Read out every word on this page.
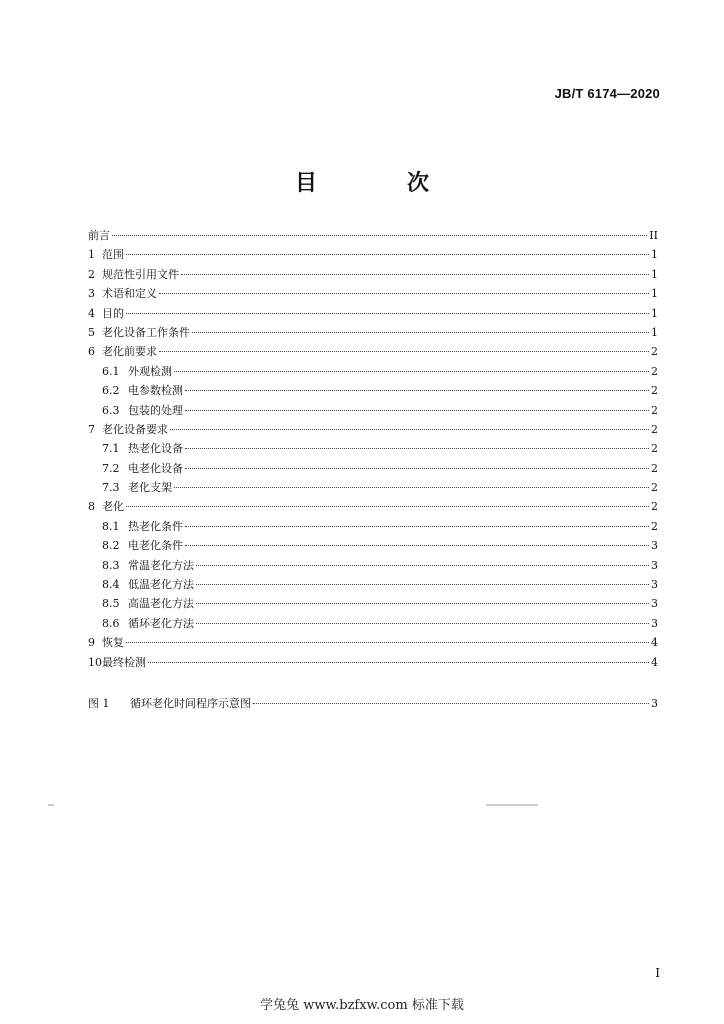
JB/T 6174—2020
目　次
前言	II
1 范围	1
2 规范性引用文件	1
3 术语和定义	1
4 目的	1
5 老化设备工作条件	1
6 老化前要求	2
6.1 外观检测	2
6.2 电参数检测	2
6.3 包装的处理	2
7 老化设备要求	2
7.1 热老化设备	2
7.2 电老化设备	2
7.3 老化支架	2
8 老化	2
8.1 热老化条件	2
8.2 电老化条件	3
8.3 常温老化方法	3
8.4 低温老化方法	3
8.5 高温老化方法	3
8.6 循环老化方法	3
9 恢复	4
10 最终检测	4
图 1	循环老化时间程序示意图	3
I
学兔兔 www.bzfxw.com 标准下载
